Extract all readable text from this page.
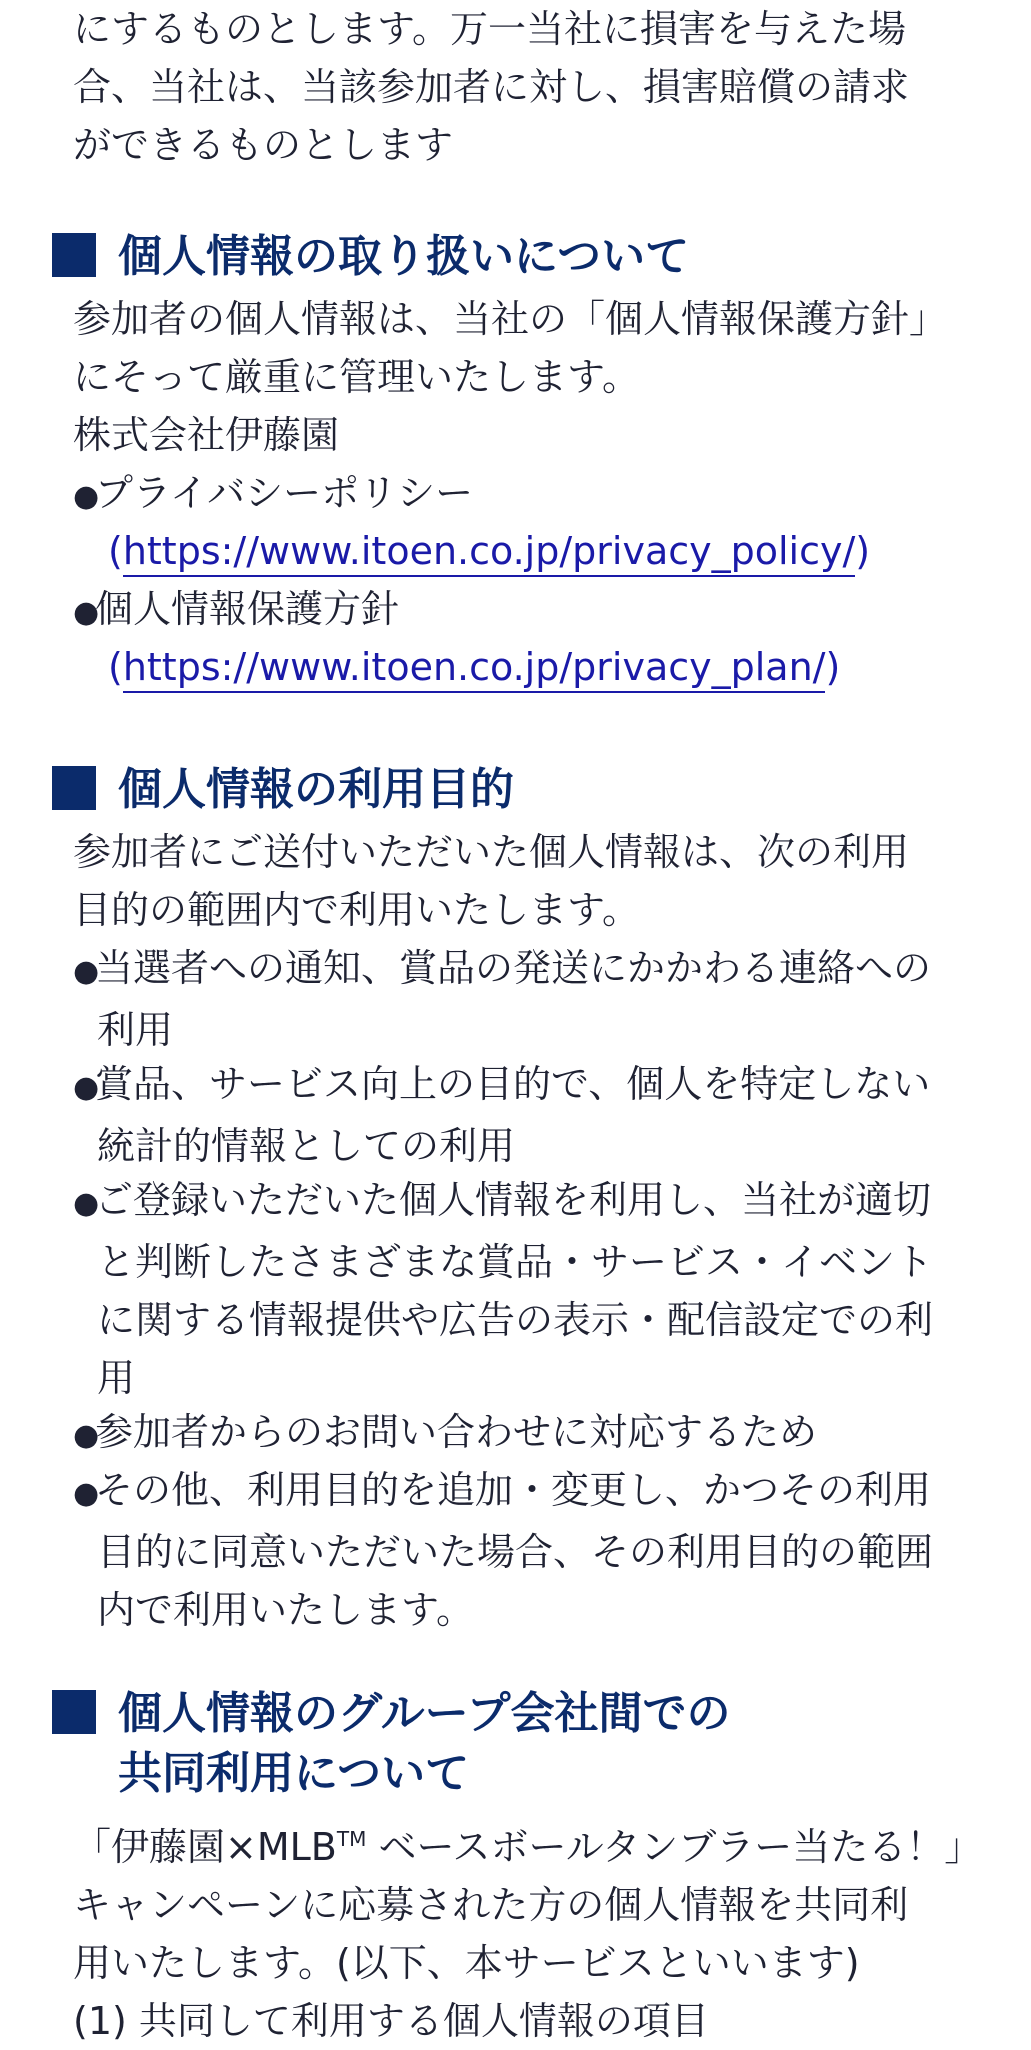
にするものとします。万一当社に損害を与えた場
合、当社は、当該参加者に対し、損害賠償の請求
ができるものとします
個人情報の取り扱いについて
参加者の個人情報は、当社の「個人情報保護方針」
にそって厳重に管理いたします。
株式会社伊藤園
●プライバシーポリシー
(https://www.itoen.co.jp/privacy_policy/)
●個人情報保護方針
(https://www.itoen.co.jp/privacy_plan/)
個人情報の利用目的
参加者にご送付いただいた個人情報は、次の利用
目的の範囲内で利用いたします。
●当選者への通知、賞品の発送にかかわる連絡への
利用
●賞品、サービス向上の目的で、個人を特定しない
統計的情報としての利用
●ご登録いただいた個人情報を利用し、当社が適切
と判断したさまざまな賞品・サービス・イベント
に関する情報提供や広告の表示・配信設定での利
用
●参加者からのお問い合わせに対応するため
●その他、利用目的を追加・変更し、かつその利用
目的に同意いただいた場合、その利用目的の範囲
内で利用いたします。
個人情報のグループ会社間での
共同利用について
「伊藤園×MLB™ ベースボールタンブラー当たる！」
キャンペーンに応募された方の個人情報を共同利
用いたします。(以下、本サービスといいます)
(1) 共同して利用する個人情報の項目
